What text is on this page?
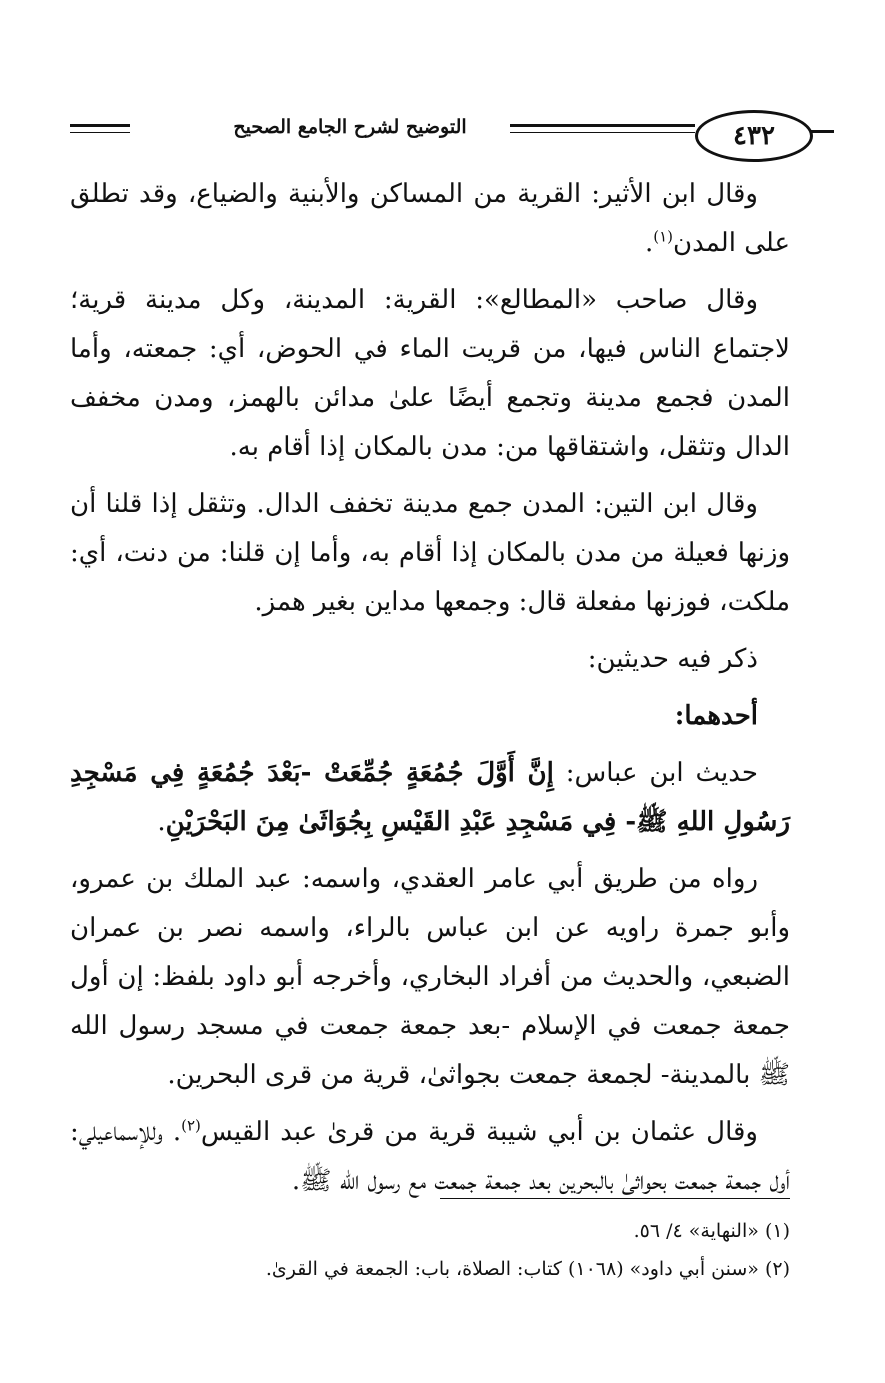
التوضيح لشرح الجامع الصحيح	٤٣٢

وقال ابن الأثير: القرية من المساكن والأبنية والضياع، وقد تطلق على المدن$^{(١)}$.

وقال صاحب «المطالع»: القرية: المدينة، وكل مدينة قرية؛ لاجتماع الناس فيها، من قريت الماء في الحوض، أي: جمعته، وأما المدن فجمع مدينة وتجمع أيضًا علىٰ مدائن بالهمز، ومدن مخفف الدال وتثقل، واشتقاقها من: مدن بالمكان إذا أقام به.

وقال ابن التين: المدن جمع مدينة تخفف الدال. وتثقل إذا قلنا أن وزنها فعيلة من مدن بالمكان إذا أقام به، وأما إن قلنا: من دنت، أي: ملكت، فوزنها مفعلة قال: وجمعها مداين بغير همز.

ذكر فيه حديثين:

أحدهما:

حديث ابن عباس: إِنَّ أَوَّلَ جُمُعَةٍ جُمِّعَتْ -بَعْدَ جُمُعَةٍ فِي مَسْجِدِ رَسُولِ اللهِ ﷺ- فِي مَسْجِدِ عَبْدِ القَيْسِ بِجُوَاثَىٰ مِنَ البَحْرَيْنِ.

رواه من طريق أبي عامر العقدي، واسمه: عبد الملك بن عمرو، وأبو جمرة راويه عن ابن عباس بالراء، واسمه نصر بن عمران الضبعي، والحديث من أفراد البخاري، وأخرجه أبو داود بلفظ: إن أول جمعة جمعت في الإسلام -بعد جمعة جمعت في مسجد رسول الله ﷺ بالمدينة- لجمعة جمعت بجواثىٰ، قرية من قرى البحرين.

وقال عثمان بن أبي شيبة قرية من قرىٰ عبد القيس$^{(٢)}$. وللإسماعيلي: أول جمعة جمعت بحواثىٰ بالبحرين بعد جمعة جمعت مع رسول الله ﷺ.

(١) «النهاية» ٤/ ٥٦.
(٢) «سنن أبي داود» (١٠٦٨) كتاب: الصلاة، باب: الجمعة في القرىٰ.
